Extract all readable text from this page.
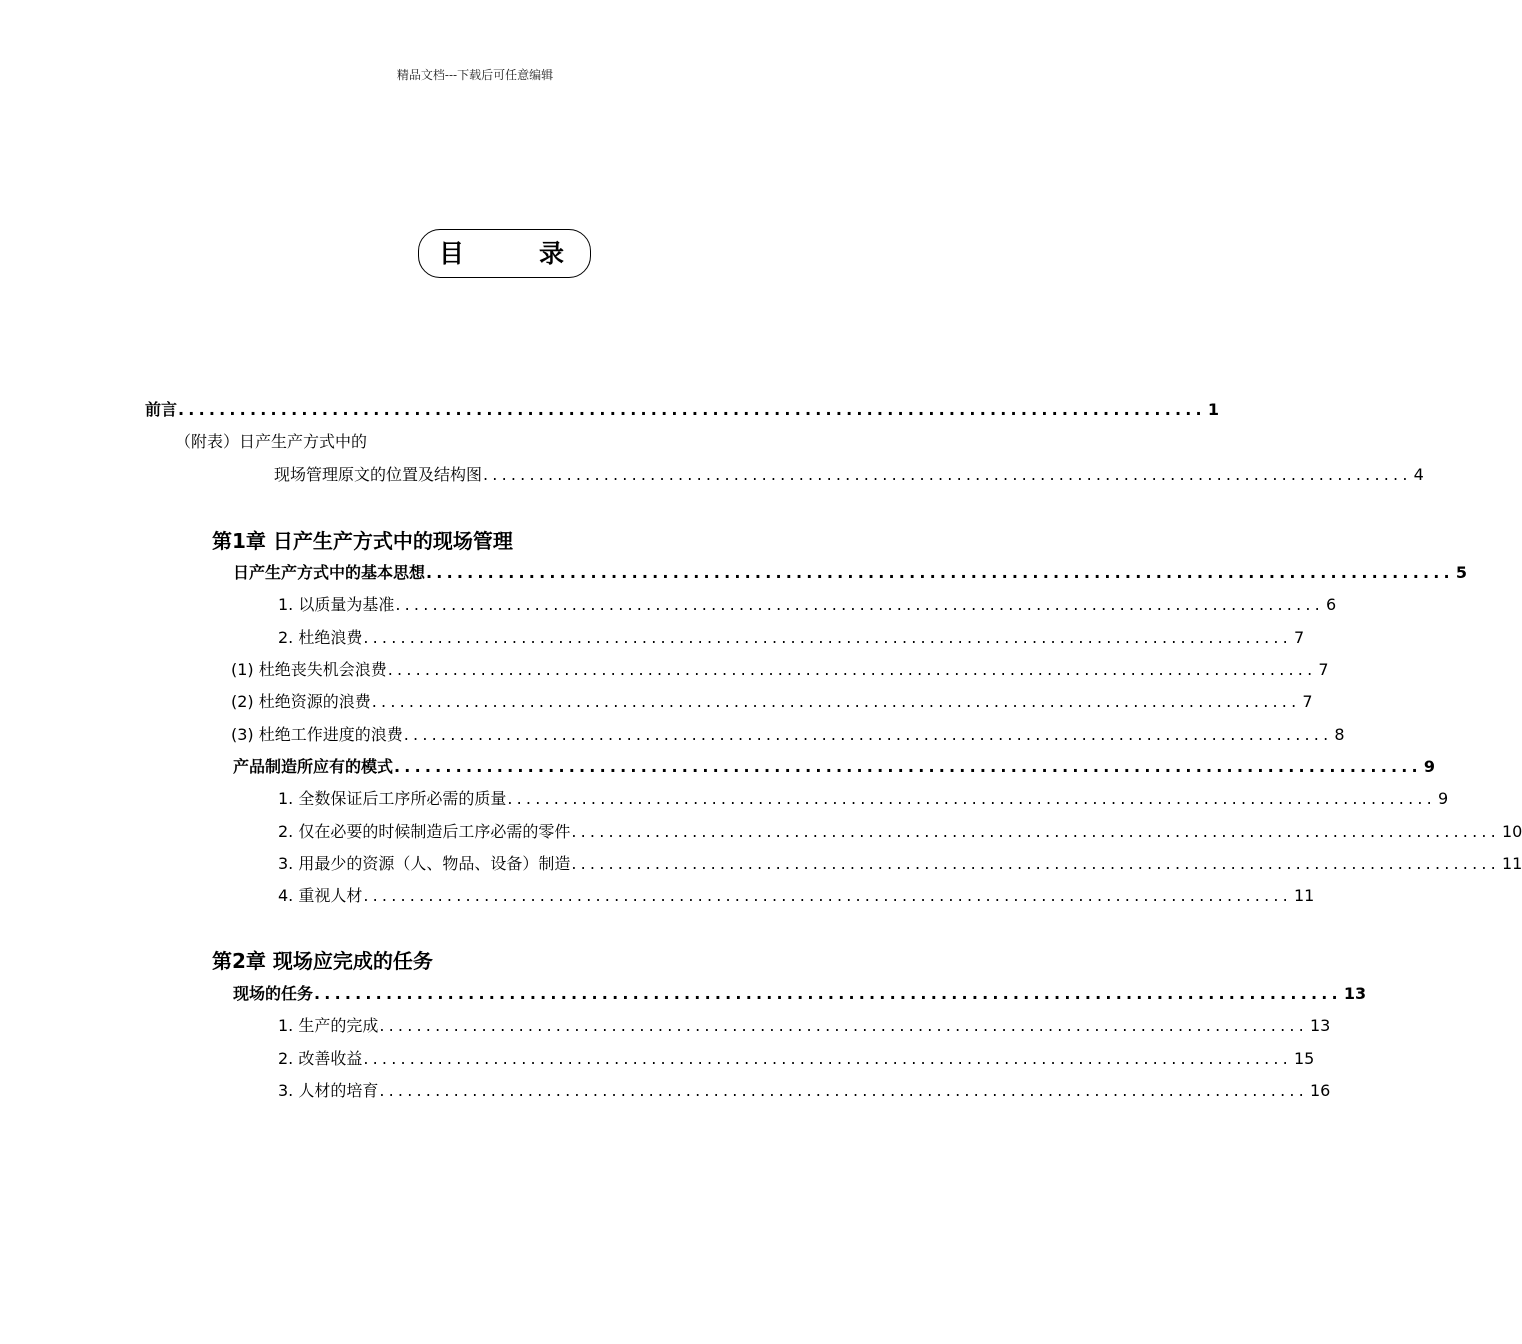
精品文档---下载后可任意编辑
目	录
前言 .................................................................................................... 1
（附表）日产生产方式中的
现场管理原文的位置及结构图 .................................................................................................... 4
第1章 日产生产方式中的现场管理
日产生产方式中的基本思想 .................................................................................................... 5
1. 以质量为基准 .................................................................................................... 6
2. 杜绝浪费 .................................................................................................... 7
(1) 杜绝丧失机会浪费 .................................................................................................... 7
(2) 杜绝资源的浪费 .................................................................................................... 7
(3) 杜绝工作进度的浪费 .................................................................................................... 8
产品制造所应有的模式 .................................................................................................... 9
1. 全数保证后工序所必需的质量 .................................................................................................... 9
2. 仅在必要的时候制造后工序必需的零件 .................................................................................................... 10
3. 用最少的资源（人、物品、设备）制造 .................................................................................................... 11
4. 重视人材 .................................................................................................... 11
第2章 现场应完成的任务
现场的任务 .................................................................................................... 13
1. 生产的完成 .................................................................................................... 13
2. 改善收益 .................................................................................................... 15
3. 人材的培育 .................................................................................................... 16
